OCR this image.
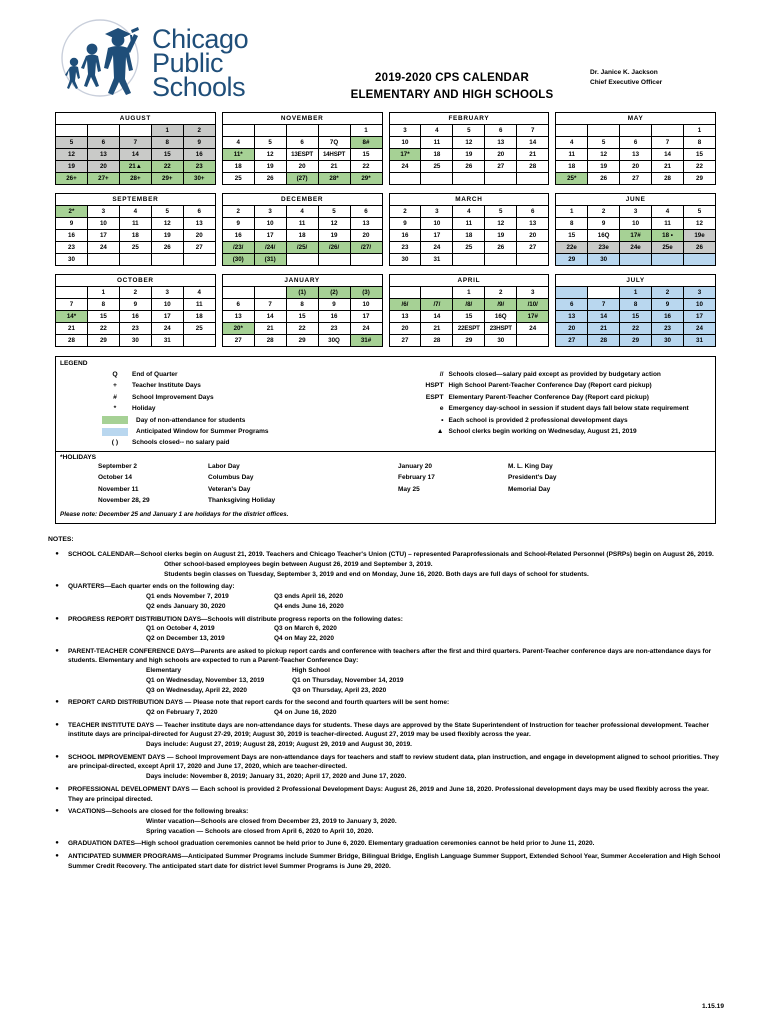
Chicago
Public
Schools	2019-2020 CPS CALENDAR
ELEMENTARY AND HIGH SCHOOLS
Dr. Janice K. Jackson
Chief Executive Officer
AUGUST
			1	2
5	6	7	8	9
12	13	14	15	16
19	20	21▲	22	23
26+	27+	28+	29+	30+
SEPTEMBER
2*	3	4	5	6
9	10	11	12	13
16	17	18	19	20
23	24	25	26	27
30				
OCTOBER
	1	2	3	4
7	8	9	10	11
14*	15	16	17	18
21	22	23	24	25
28	29	30	31	
NOVEMBER
				1
4	5	6	7Q	8#
11*	12	13ESPT	14HSPT	15
18	19	20	21	22
25	26	(27)	28*	29*
DECEMBER
2	3	4	5	6
9	10	11	12	13
16	17	18	19	20
/23/	/24/	/25/	/26/	/27/
(30)	(31)			
JANUARY
		(1)	(2)	(3)
6	7	8	9	10
13	14	15	16	17
20*	21	22	23	24
27	28	29	30Q	31#
FEBRUARY
3	4	5	6	7
10	11	12	13	14
17*	18	19	20	21
24	25	26	27	28

MARCH
2	3	4	5	6
9	10	11	12	13
16	17	18	19	20
23	24	25	26	27
30	31			
APRIL
		1	2	3
/6/	/7/	/8/	/9/	/10/
13	14	15	16Q	17#
20	21	22ESPT	23HSPT	24
27	28	29	30	
MAY
				1
4	5	6	7	8
11	12	13	14	15
18	19	20	21	22
25*	26	27	28	29
JUNE
1	2	3	4	5
8	9	10	11	12
15	16Q	17#	18 •	19e
22e	23e	24e	25e	26
29	30			
JULY
		1	2	3
6	7	8	9	10
13	14	15	16	17
20	21	22	23	24
27	28	29	30	31
LEGEND
Q	End of Quarter
+	Teacher Institute Days
#	School Improvement Days
*	Holiday
Day of non-attendance for students
Anticipated Window for Summer Programs
( )	Schools closed-- no salary paid
// Schools closed—salary paid except as provided by budgetary action
HSPT High School Parent-Teacher Conference Day (Report card pickup)
ESPT Elementary Parent-Teacher Conference Day (Report card pickup)
e Emergency day-school in session if student days fall below state requirement
• Each school is provided 2 professional development days
▲ School clerks begin working on Wednesday, August 21, 2019
*HOLIDAYS
September 2	Labor Day	January 20	M. L. King Day
October 14	Columbus Day	February 17	President's Day
November 11	Veteran's Day	May 25	Memorial Day
November 28, 29	Thanksgiving Holiday
Please note: December 25 and January 1 are holidays for the district offices.
NOTES:
●	SCHOOL CALENDAR—School clerks begin on August 21, 2019. Teachers and Chicago Teacher's Union (CTU) – represented Paraprofessionals and School-Related Personnel (PSRPs) begin on August 26, 2019.
Other school-based employees begin between August 26, 2019 and September 3, 2019.
Students begin classes on Tuesday, September 3, 2019 and end on Monday, June 16, 2020. Both days are full days of school for students.
●	QUARTERS—Each quarter ends on the following day:
Q1 ends November 7, 2019	Q3 ends April 16, 2020
Q2 ends January 30, 2020	Q4 ends June 16, 2020
●	PROGRESS REPORT DISTRIBUTION DAYS—Schools will distribute progress reports on the following dates:
Q1 on October 4, 2019	Q3 on March 6, 2020
Q2 on December 13, 2019	Q4 on May 22, 2020
●	PARENT-TEACHER CONFERENCE DAYS—Parents are asked to pickup report cards and conference with teachers after the first and third quarters. Parent-Teacher conference days are non-attendance days for students. Elementary and high schools are expected to run a Parent-Teacher Conference Day:
Elementary	High School
Q1 on Wednesday, November 13, 2019	Q1 on Thursday, November 14, 2019
Q3 on Wednesday, April 22, 2020	Q3 on Thursday, April 23, 2020
●	REPORT CARD DISTRIBUTION DAYS — Please note that report cards for the second and fourth quarters will be sent home:
Q2 on February 7, 2020	Q4 on June 16, 2020
●	TEACHER INSTITUTE DAYS — Teacher institute days are non-attendance days for students. These days are approved by the State Superintendent of Instruction for teacher professional development. Teacher institute days are principal-directed for August 27-29, 2019; August 30, 2019 is teacher-directed. August 27, 2019 may be used flexibly across the year.
Days include: August 27, 2019; August 28, 2019; August 29, 2019 and August 30, 2019.
●	SCHOOL IMPROVEMENT DAYS — School Improvement Days are non-attendance days for teachers and staff to review student data, plan instruction, and engage in development aligned to school priorities. They are principal-directed, except April 17, 2020 and June 17, 2020, which are teacher-directed.
Days include: November 8, 2019; January 31, 2020; April 17, 2020 and June 17, 2020.
●	PROFESSIONAL DEVELOPMENT DAYS — Each school is provided 2 Professional Development Days: August 26, 2019 and June 18, 2020. Professional development days may be used flexibly across the year. They are principal directed.
●	VACATIONS—Schools are closed for the following breaks:
Winter vacation—Schools are closed from December 23, 2019 to January 3, 2020.
Spring vacation — Schools are closed from April 6, 2020 to April 10, 2020.
●	GRADUATION DATES—High school graduation ceremonies cannot be held prior to June 6, 2020. Elementary graduation ceremonies cannot be held prior to June 11, 2020.
●	ANTICIPATED SUMMER PROGRAMS—Anticipated Summer Programs include Summer Bridge, Bilingual Bridge, English Language Summer Support, Extended School Year, Summer Acceleration and High School Summer Credit Recovery. The anticipated start date for district level Summer Programs is June 29, 2020.
1.15.19
